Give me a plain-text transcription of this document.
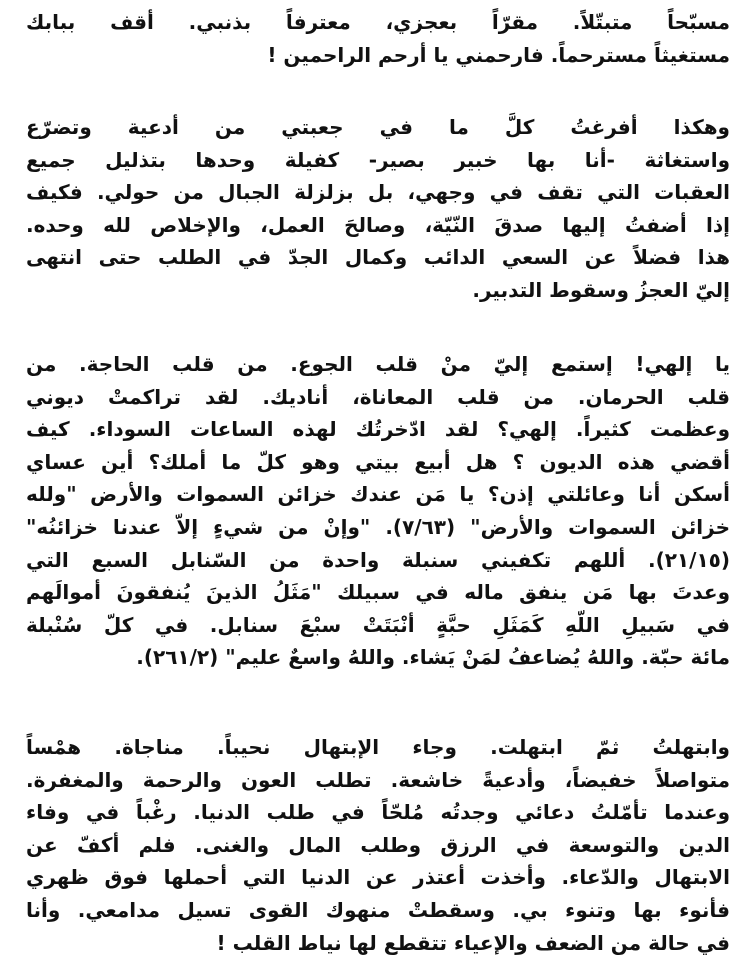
مسبّحاً متبتّلاً. مقرّاً بعجزي، معترفاً بذنبي. أقف ببابك
مستغيثاً مسترحماً. فارحمني يا أرحم الراحمين !
وهكذا أفرغتُ كلَّ ما في جعبتي من أدعية وتضرّع
واستغاثة -أنا بها خبير بصير- كفيلة وحدها بتذليل جميع
العقبات التي تقف في وجهي، بل بزلزلة الجبال من حولي. فكيف
إذا أضفتُ إليها صدقَ النّيّة، وصالحَ العمل، والإخلاص لله وحده.
هذا فضلاً عن السعي الدائب وكمال الجدّ في الطلب حتى انتهى
إليّ العجزُ وسقوط التدبير.
يا إلهي! إستمع إليّ منْ قلب الجوع. من قلب الحاجة. من
قلب الحرمان. من قلب المعاناة، أناديك. لقد تراكمتْ ديوني
وعظمت كثيراً. إلهي؟ لقد ادّخرتُك لهذه الساعات السوداء. كيف
أقضي هذه الديون ؟ هل أبيع بيتي وهو كلّ ما أملك؟ أين عساي
أسكن أنا وعائلتي إذن؟ يا مَن عندك خزائن السموات والأرض "ولله
خزائن السموات والأرض" (٧/٦٣). "وإنْ من شيءٍ إلاّ عندنا خزائنُه"
(٢١/١٥). أللهم تكفيني سنبلة واحدة من السّنابل السبع التي
وعدتَ بها مَن ينفق ماله في سبيلك "مَثَلُ الذينَ يُنفقونَ أموالَهم
في سَبيلِ اللّهِ كَمَثَلِ حبَّةٍ أنْبَتَتْ سبْعَ سنابل. في كلّ سُنْبلة
مائة حبّة. واللهُ يُضاعفُ لمَنْ يَشاء. واللهُ واسعٌ عليم" (٢٦١/٢).
وابتهلتُ ثمّ ابتهلت. وجاء الإبتهال نحيباً. مناجاة. همْساً
متواصلاً خفيضاً، وأدعيةً خاشعة. تطلب العون والرحمة والمغفرة.
وعندما تأمّلتُ دعائي وجدتُه مُلحّاً في طلب الدنيا. رغْباً في وفاء
الدين والتوسعة في الرزق وطلب المال والغنى. فلم أكفّ عن
الابتهال والدّعاء. وأخذت أعتذر عن الدنيا التي أحملها فوق ظهري
فأنوء بها وتنوء بي. وسقطتْ منهوك القوى تسيل مدامعي. وأنا
في حالة من الضعف والإعياء تتقطع لها نياط القلب !
